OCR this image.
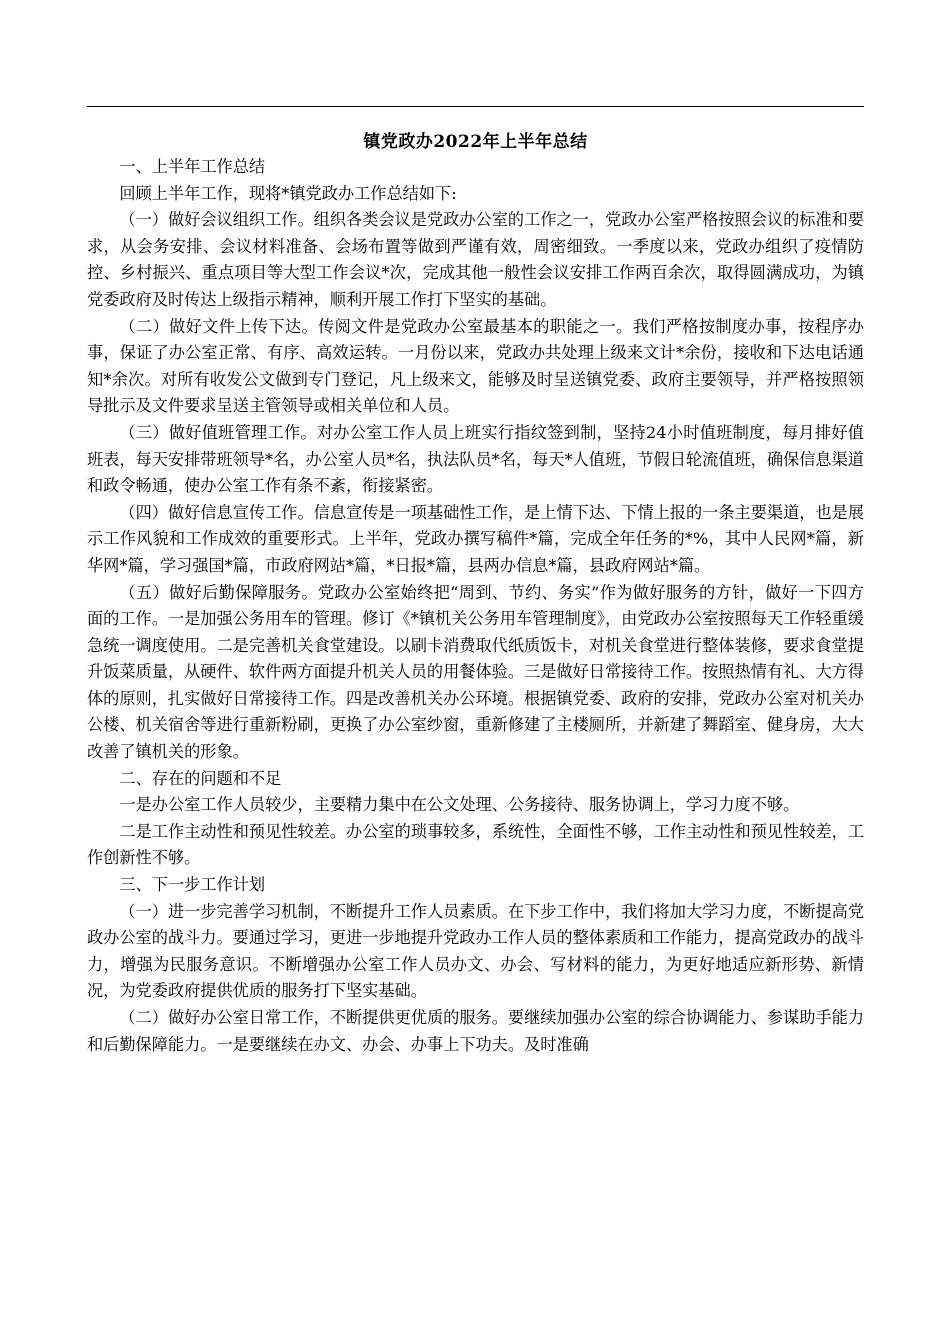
镇党政办2022年上半年总结

一、上半年工作总结

回顾上半年工作，现将*镇党政办工作总结如下:

（一）做好会议组织工作。组织各类会议是党政办公室的工作之一，党政办公室严格按照会议的标准和要求，从会务安排、会议材料准备、会场布置等做到严谨有效，周密细致。一季度以来，党政办组织了疫情防控、乡村振兴、重点项目等大型工作会议*次，完成其他一般性会议安排工作两百余次，取得圆满成功，为镇党委政府及时传达上级指示精神，顺利开展工作打下坚实的基础。

（二）做好文件上传下达。传阅文件是党政办公室最基本的职能之一。我们严格按制度办事，按程序办事，保证了办公室正常、有序、高效运转。一月份以来，党政办共处理上级来文计*余份，接收和下达电话通知*余次。对所有收发公文做到专门登记，凡上级来文，能够及时呈送镇党委、政府主要领导，并严格按照领导批示及文件要求呈送主管领导或相关单位和人员。

（三）做好值班管理工作。对办公室工作人员上班实行指纹签到制，坚持24小时值班制度，每月排好值班表，每天安排带班领导*名，办公室人员*名，执法队员*名，每天*人值班，节假日轮流值班，确保信息渠道和政令畅通，使办公室工作有条不紊，衔接紧密。

（四）做好信息宣传工作。信息宣传是一项基础性工作，是上情下达、下情上报的一条主要渠道，也是展示工作风貌和工作成效的重要形式。上半年，党政办撰写稿件*篇，完成全年任务的*%，其中人民网*篇，新华网*篇，学习强国*篇，市政府网站*篇，*日报*篇，县两办信息*篇，县政府网站*篇。

（五）做好后勤保障服务。党政办公室始终把“周到、节约、务实”作为做好服务的方针，做好一下四方面的工作。一是加强公务用车的管理。修订《*镇机关公务用车管理制度》，由党政办公室按照每天工作轻重缓急统一调度使用。二是完善机关食堂建设。以刷卡消费取代纸质饭卡，对机关食堂进行整体装修，要求食堂提升饭菜质量，从硬件、软件两方面提升机关人员的用餐体验。三是做好日常接待工作。按照热情有礼、大方得体的原则，扎实做好日常接待工作。四是改善机关办公环境。根据镇党委、政府的安排，党政办公室对机关办公楼、机关宿舍等进行重新粉刷，更换了办公室纱窗，重新修建了主楼厕所，并新建了舞蹈室、健身房，大大改善了镇机关的形象。

二、存在的问题和不足

一是办公室工作人员较少，主要精力集中在公文处理、公务接待、服务协调上，学习力度不够。

二是工作主动性和预见性较差。办公室的琐事较多，系统性，全面性不够，工作主动性和预见性较差，工作创新性不够。

三、下一步工作计划

（一）进一步完善学习机制，不断提升工作人员素质。在下步工作中，我们将加大学习力度，不断提高党政办公室的战斗力。要通过学习，更进一步地提升党政办工作人员的整体素质和工作能力，提高党政办的战斗力，增强为民服务意识。不断增强办公室工作人员办文、办会、写材料的能力，为更好地适应新形势、新情况，为党委政府提供优质的服务打下坚实基础。

（二）做好办公室日常工作，不断提供更优质的服务。要继续加强办公室的综合协调能力、参谋助手能力和后勤保障能力。一是要继续在办文、办会、办事上下功夫。及时准确
